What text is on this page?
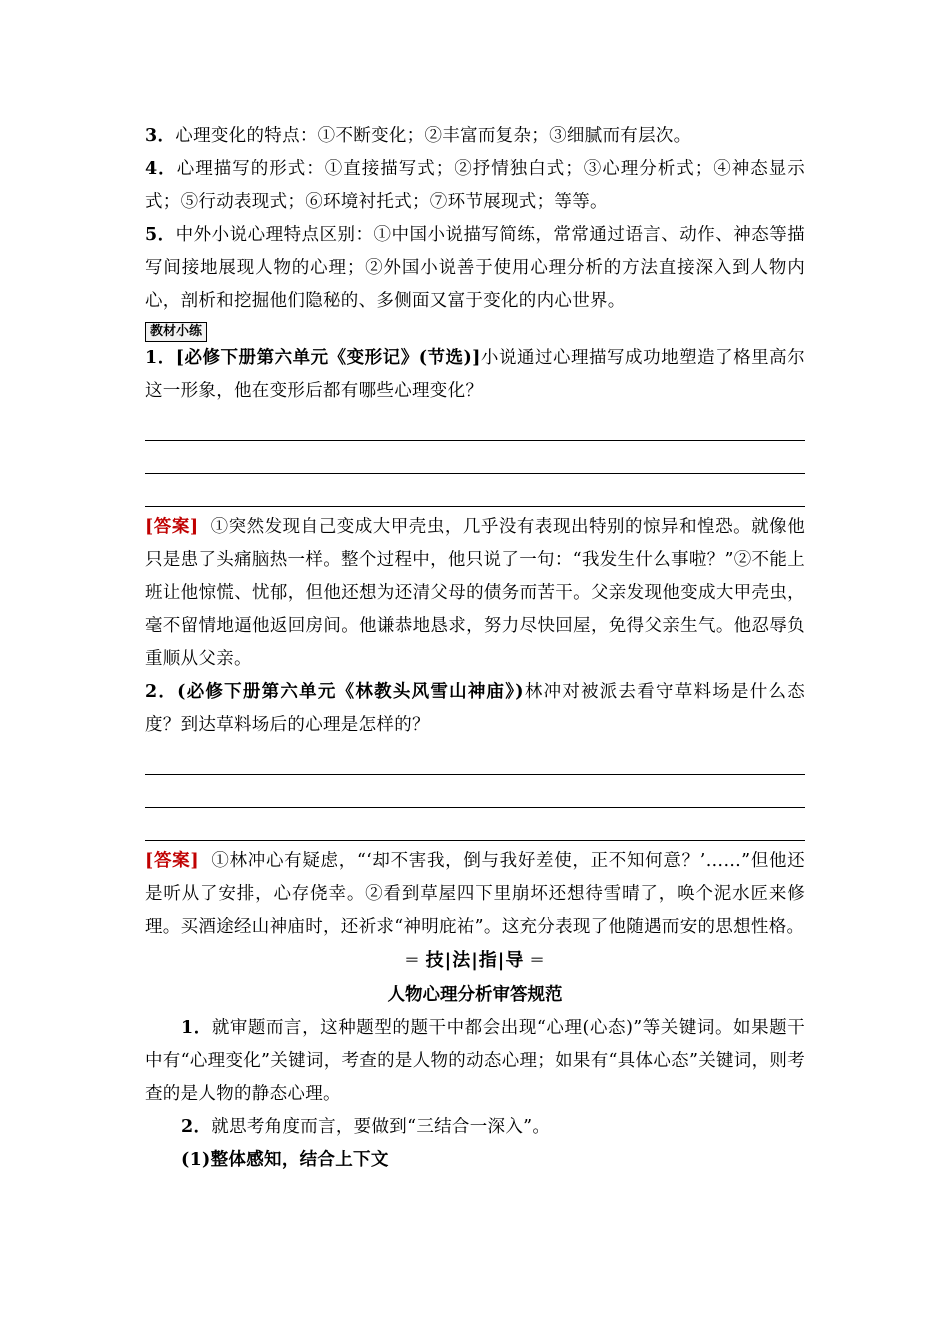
3．心理变化的特点：①不断变化；②丰富而复杂；③细腻而有层次。

4．心理描写的形式：①直接描写式；②抒情独白式；③心理分析式；④神态显示式；⑤行动表现式；⑥环境衬托式；⑦环节展现式；等等。

5．中外小说心理特点区别：①中国小说描写简练，常常通过语言、动作、神态等描写间接地展现人物的心理；②外国小说善于使用心理分析的方法直接深入到人物内心，剖析和挖掘他们隐秘的、多侧面又富于变化的内心世界。

教材小练

1．[必修下册第六单元《变形记》(节选)]小说通过心理描写成功地塑造了格里高尔这一形象，他在变形后都有哪些心理变化？

[答案] ①突然发现自己变成大甲壳虫，几乎没有表现出特别的惊异和惶恐。就像他只是患了头痛脑热一样。整个过程中，他只说了一句：“我发生什么事啦？”②不能上班让他惊慌、忧郁，但他还想为还清父母的债务而苦干。父亲发现他变成大甲壳虫，毫不留情地逼他返回房间。他谦恭地恳求，努力尽快回屋，免得父亲生气。他忍辱负重顺从父亲。

2．(必修下册第六单元《林教头风雪山神庙》)林冲对被派去看守草料场是什么态度？到达草料场后的心理是怎样的？

[答案] ①林冲心有疑虑，“‘却不害我，倒与我好差使，正不知何意？’……”但他还是听从了安排，心存侥幸。②看到草屋四下里崩坏还想待雪晴了，唤个泥水匠来修理。买酒途经山神庙时，还祈求“神明庇祐”。这充分表现了他随遇而安的思想性格。

═ 技|法|指|导 ═
人物心理分析审答规范

1．就审题而言，这种题型的题干中都会出现“心理(心态)”等关键词。如果题干中有“心理变化”关键词，考查的是人物的动态心理；如果有“具体心态”关键词，则考查的是人物的静态心理。

2．就思考角度而言，要做到“三结合一深入”。

(1)整体感知，结合上下文
